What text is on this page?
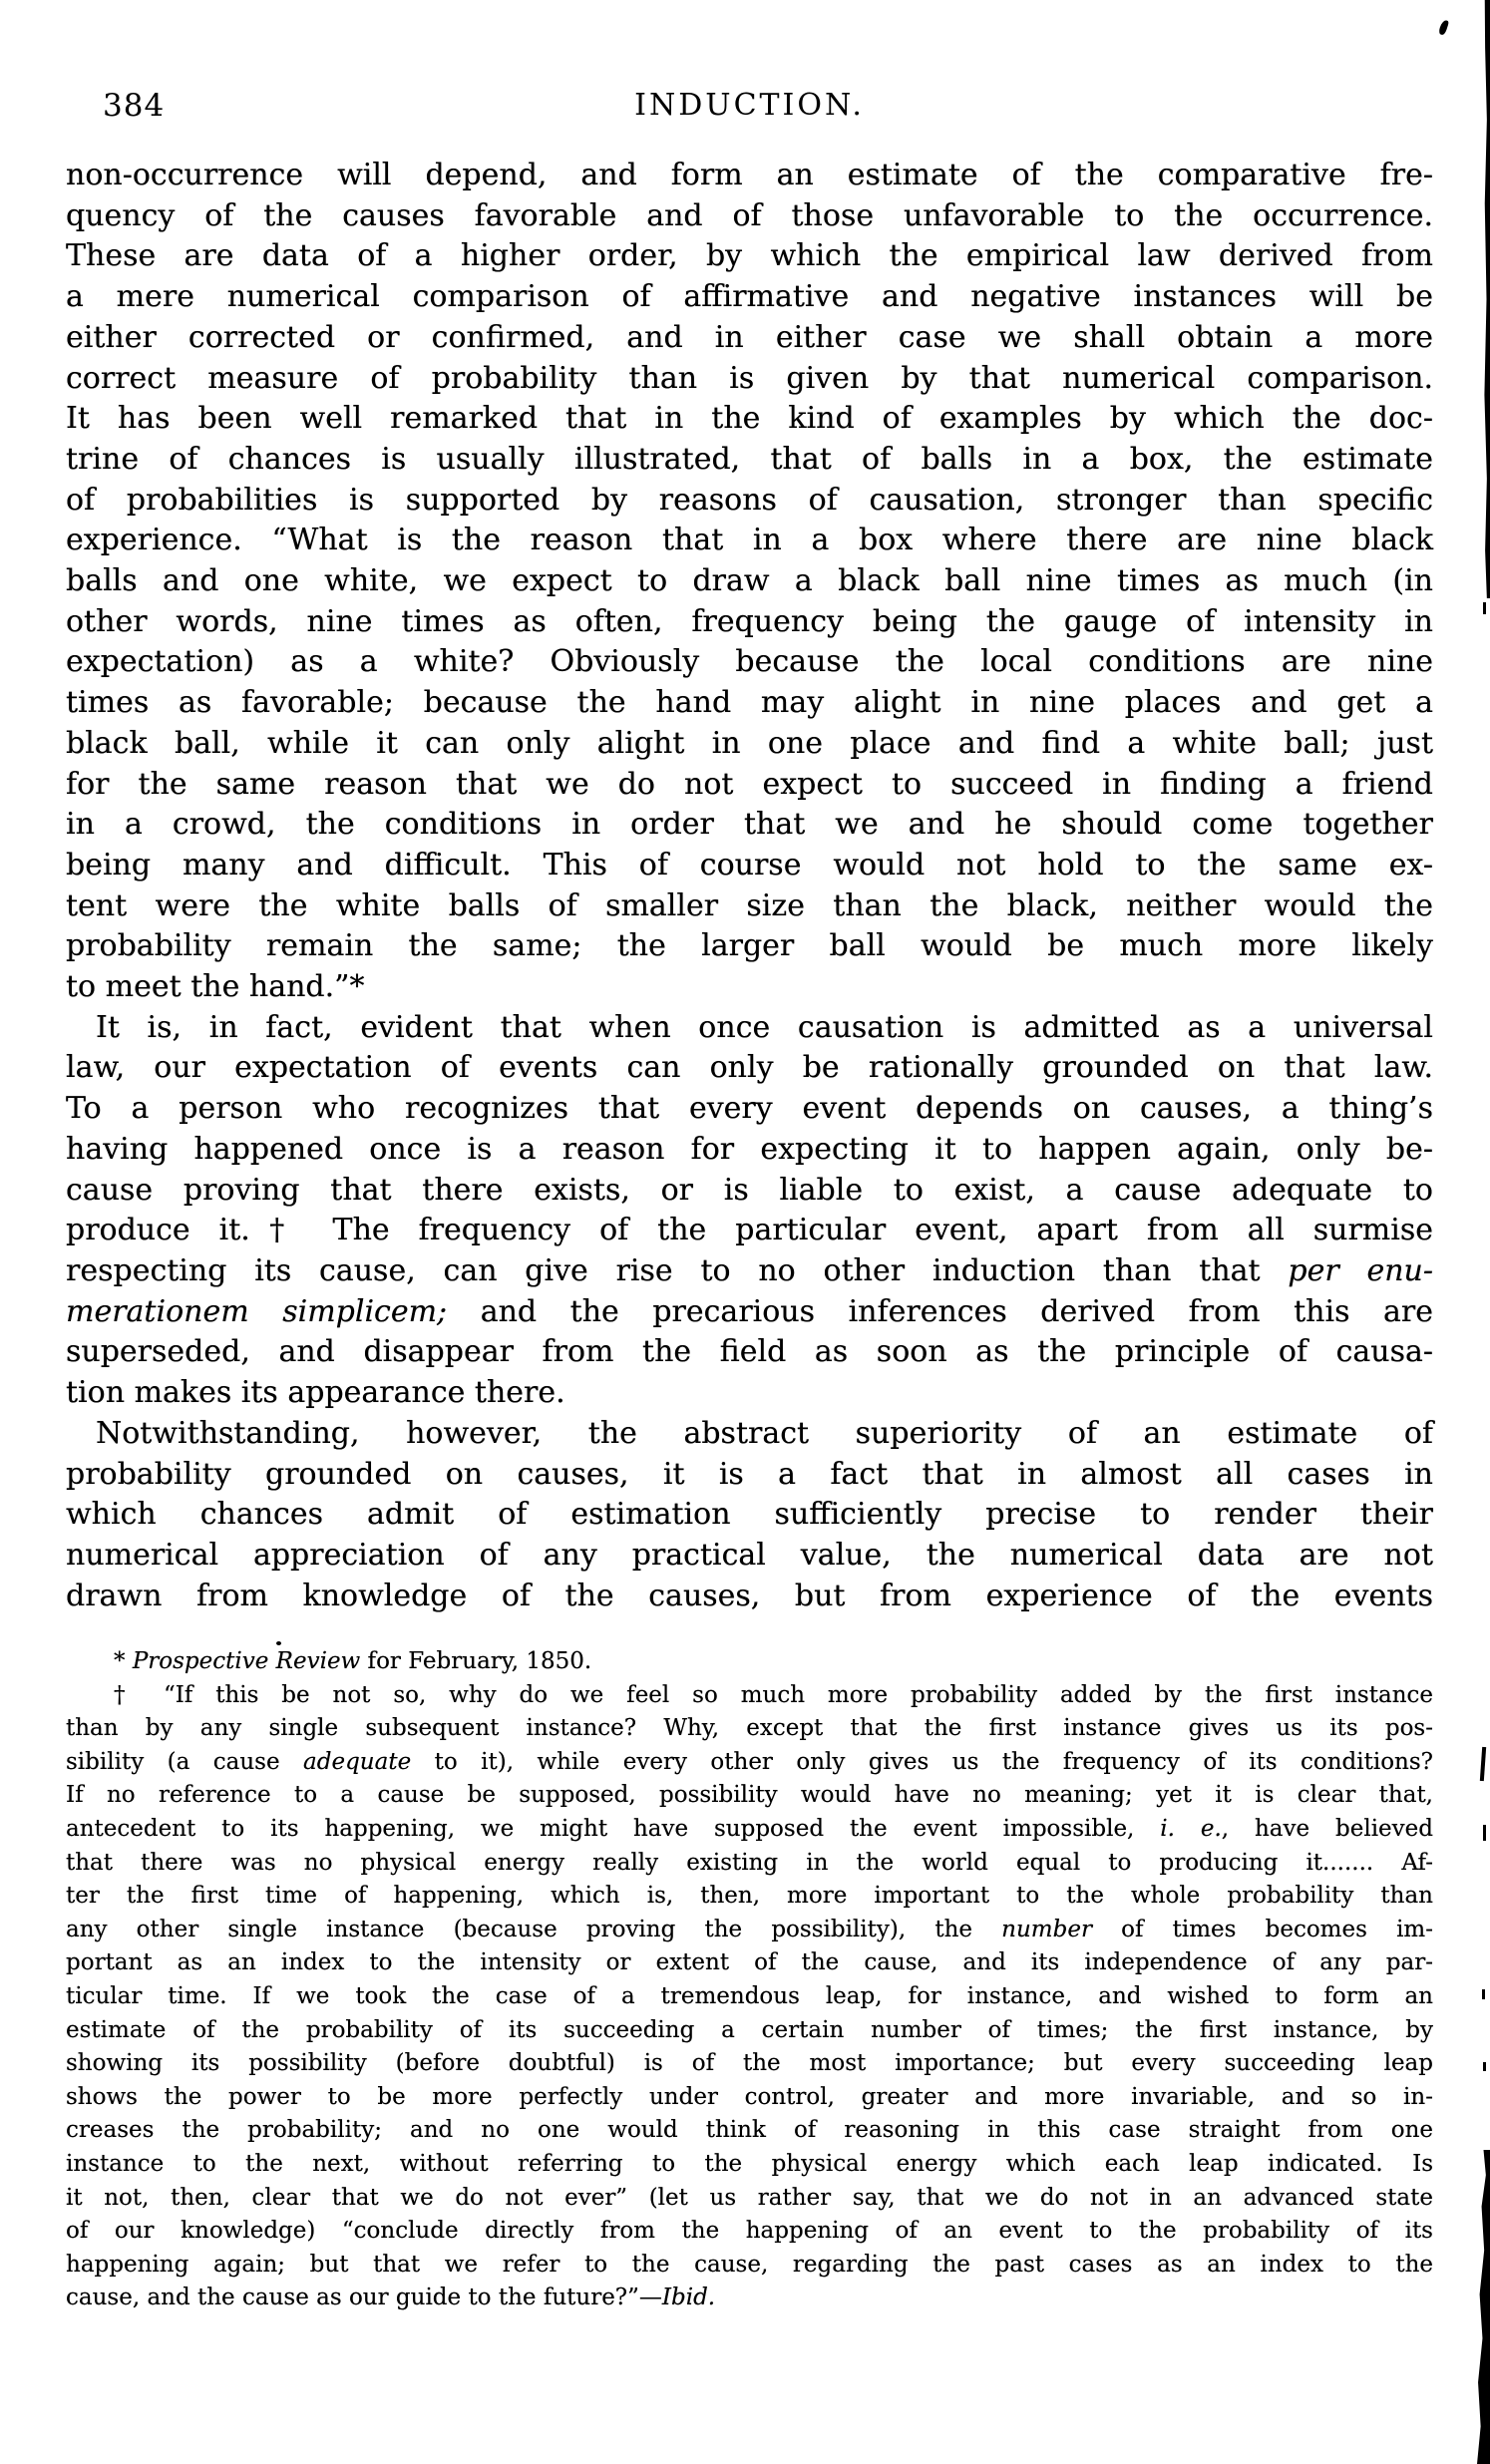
384	INDUCTION.
non-occurrence will depend, and form an estimate of the comparative fre-
quency of the causes favorable and of those unfavorable to the occurrence.
These are data of a higher order, by which the empirical law derived from
a mere numerical comparison of affirmative and negative instances will be
either corrected or confirmed, and in either case we shall obtain a more
correct measure of probability than is given by that numerical comparison.
It has been well remarked that in the kind of examples by which the doc-
trine of chances is usually illustrated, that of balls in a box, the estimate
of probabilities is supported by reasons of causation, stronger than specific
experience. “What is the reason that in a box where there are nine black
balls and one white, we expect to draw a black ball nine times as much (in
other words, nine times as often, frequency being the gauge of intensity in
expectation) as a white? Obviously because the local conditions are nine
times as favorable; because the hand may alight in nine places and get a
black ball, while it can only alight in one place and find a white ball; just
for the same reason that we do not expect to succeed in finding a friend
in a crowd, the conditions in order that we and he should come together
being many and difficult. This of course would not hold to the same ex-
tent were the white balls of smaller size than the black, neither would the
probability remain the same; the larger ball would be much more likely
to meet the hand.”*
It is, in fact, evident that when once causation is admitted as a universal
law, our expectation of events can only be rationally grounded on that law.
To a person who recognizes that every event depends on causes, a thing’s
having happened once is a reason for expecting it to happen again, only be-
cause proving that there exists, or is liable to exist, a cause adequate to
produce it.† The frequency of the particular event, apart from all surmise
respecting its cause, can give rise to no other induction than that per enu-
merationem simplicem; and the precarious inferences derived from this are
superseded, and disappear from the field as soon as the principle of causa-
tion makes its appearance there.
Notwithstanding, however, the abstract superiority of an estimate of
probability grounded on causes, it is a fact that in almost all cases in
which chances admit of estimation sufficiently precise to render their
numerical appreciation of any practical value, the numerical data are not
drawn from knowledge of the causes, but from experience of the events
* Prospective Review for February, 1850.
† “If this be not so, why do we feel so much more probability added by the first instance
than by any single subsequent instance? Why, except that the first instance gives us its pos-
sibility (a cause adequate to it), while every other only gives us the frequency of its conditions?
If no reference to a cause be supposed, possibility would have no meaning; yet it is clear that,
antecedent to its happening, we might have supposed the event impossible, i. e., have believed
that there was no physical energy really existing in the world equal to producing it....... Af-
ter the first time of happening, which is, then, more important to the whole probability than
any other single instance (because proving the possibility), the number of times becomes im-
portant as an index to the intensity or extent of the cause, and its independence of any par-
ticular time. If we took the case of a tremendous leap, for instance, and wished to form an
estimate of the probability of its succeeding a certain number of times; the first instance, by
showing its possibility (before doubtful) is of the most importance; but every succeeding leap
shows the power to be more perfectly under control, greater and more invariable, and so in-
creases the probability; and no one would think of reasoning in this case straight from one
instance to the next, without referring to the physical energy which each leap indicated. Is
it not, then, clear that we do not ever” (let us rather say, that we do not in an advanced state
of our knowledge) “conclude directly from the happening of an event to the probability of its
happening again; but that we refer to the cause, regarding the past cases as an index to the
cause, and the cause as our guide to the future?”—Ibid.
